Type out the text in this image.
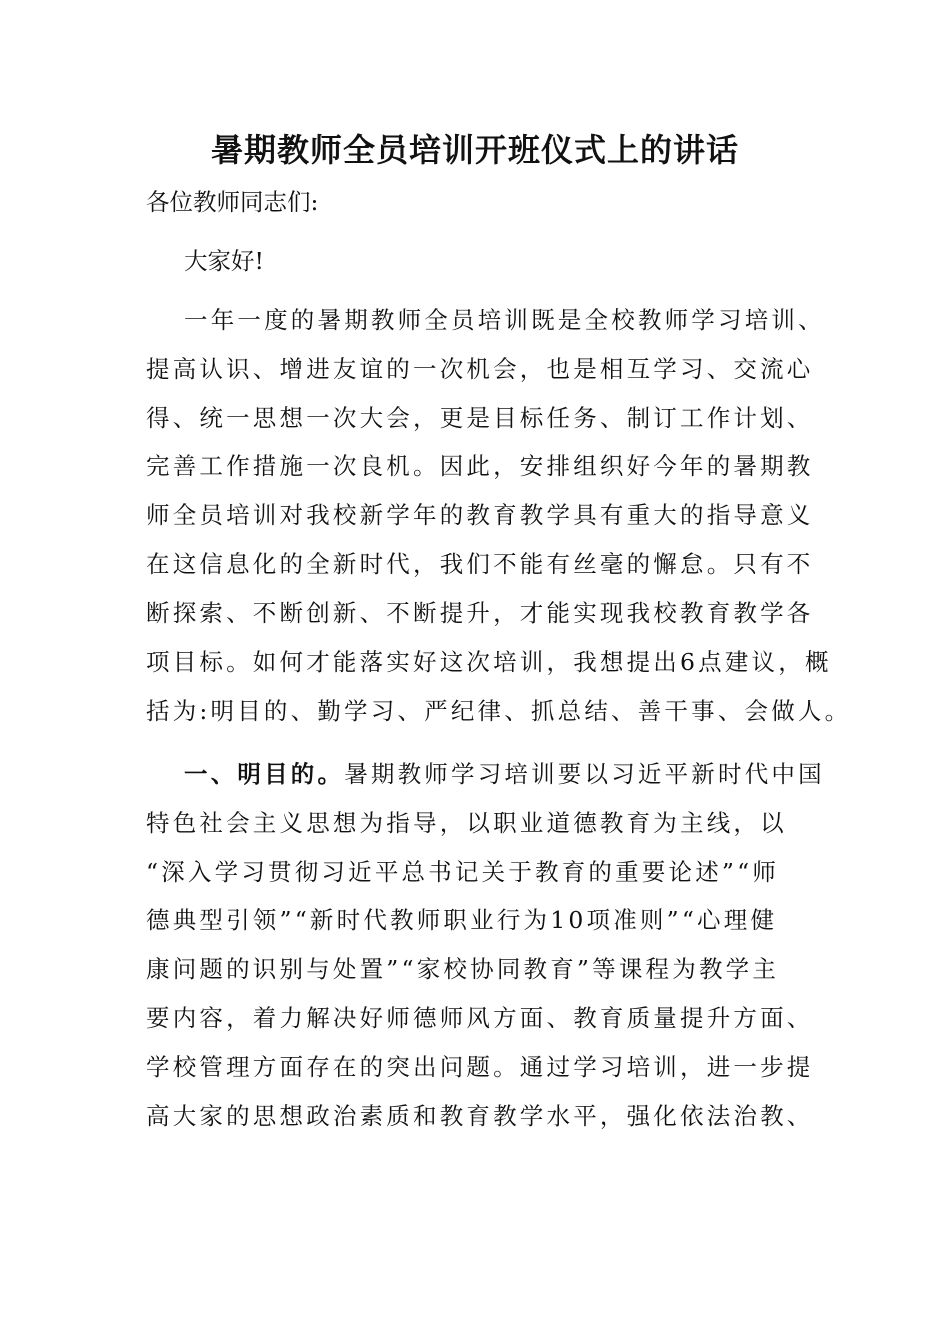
暑期教师全员培训开班仪式上的讲话
各位教师同志们:
大家好!
一年一度的暑期教师全员培训既是全校教师学习培训、
提高认识、增进友谊的一次机会，也是相互学习、交流心
得、统一思想一次大会，更是目标任务、制订工作计划、
完善工作措施一次良机。因此，安排组织好今年的暑期教
师全员培训对我校新学年的教育教学具有重大的指导意义
在这信息化的全新时代，我们不能有丝毫的懈怠。只有不
断探索、不断创新、不断提升，才能实现我校教育教学各
项目标。如何才能落实好这次培训，我想提出6点建议，概
括为:明目的、勤学习、严纪律、抓总结、善干事、会做人。
一、明目的。暑期教师学习培训要以习近平新时代中国
特色社会主义思想为指导，以职业道德教育为主线，以
“深入学习贯彻习近平总书记关于教育的重要论述”“师
德典型引领”“新时代教师职业行为10项准则”“心理健
康问题的识别与处置”“家校协同教育”等课程为教学主
要内容，着力解决好师德师风方面、教育质量提升方面、
学校管理方面存在的突出问题。通过学习培训，进一步提
高大家的思想政治素质和教育教学水平，强化依法治教、
